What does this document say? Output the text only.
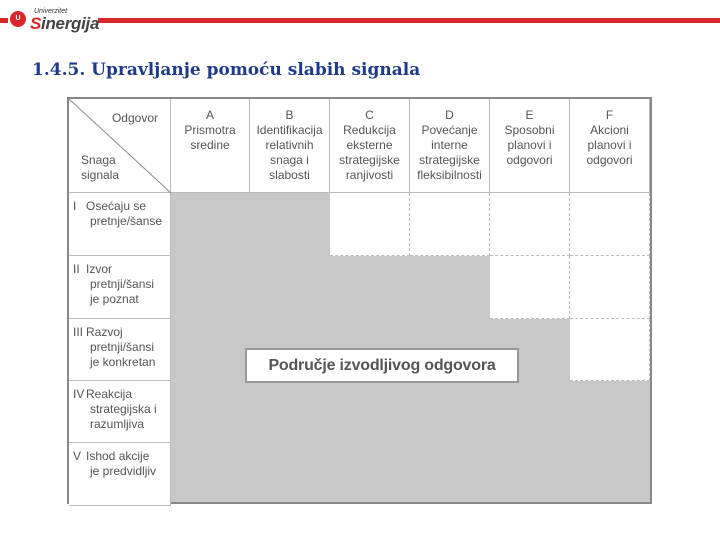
U
Univerzitet
Sinergija
1.4.5. Upravljanje pomoću slabih signala
Odgovor
Snaga
signala
A
Prismotra
sredine
B
Identifikacija
relativnih
snaga i
slabosti
C
Redukcija
eksterne
strategijske
ranjivosti
D
Povećanje
interne
strategijske
fleksibilnosti
E
Sposobni
planovi i
odgovori
F
Akcioni
planovi i
odgovori
I Osećaju se
pretnje/šanse
II Izvor
pretnji/šansi
je poznat
III Razvoj
pretnji/šansi
je konkretan
IV Reakcija
strategijska i
razumljiva
V Ishod akcije
je predvidljiv
Područje izvodljivog odgovora
